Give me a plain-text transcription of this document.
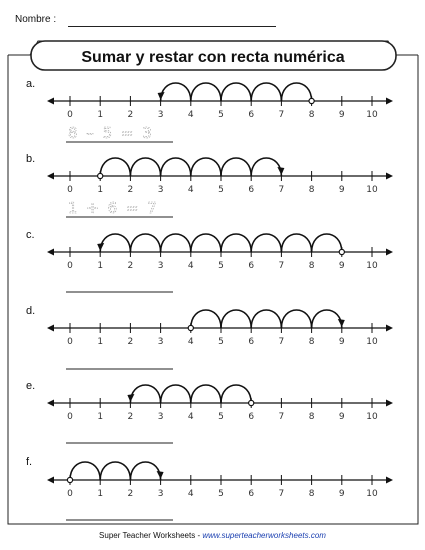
Nombre :
Sumar y restar con recta numérica
a.
0	1	2	3	4	5	6	7	8	9 10
8 – 5 = 3
b.
0	1	2	3	4	5	6	7	8	9 10
1 + 6 = 7
c.
0	1	2	3	4	5	6	7	8	9 10
d.
0	1	2	3	4	5	6	7	8	9 10
e.
0	1	2	3	4	5	6	7	8	9 10
f.
0	1	2	3	4	5	6	7	8	9 10
Super Teacher Worksheets - www.superteacherworksheets.com
